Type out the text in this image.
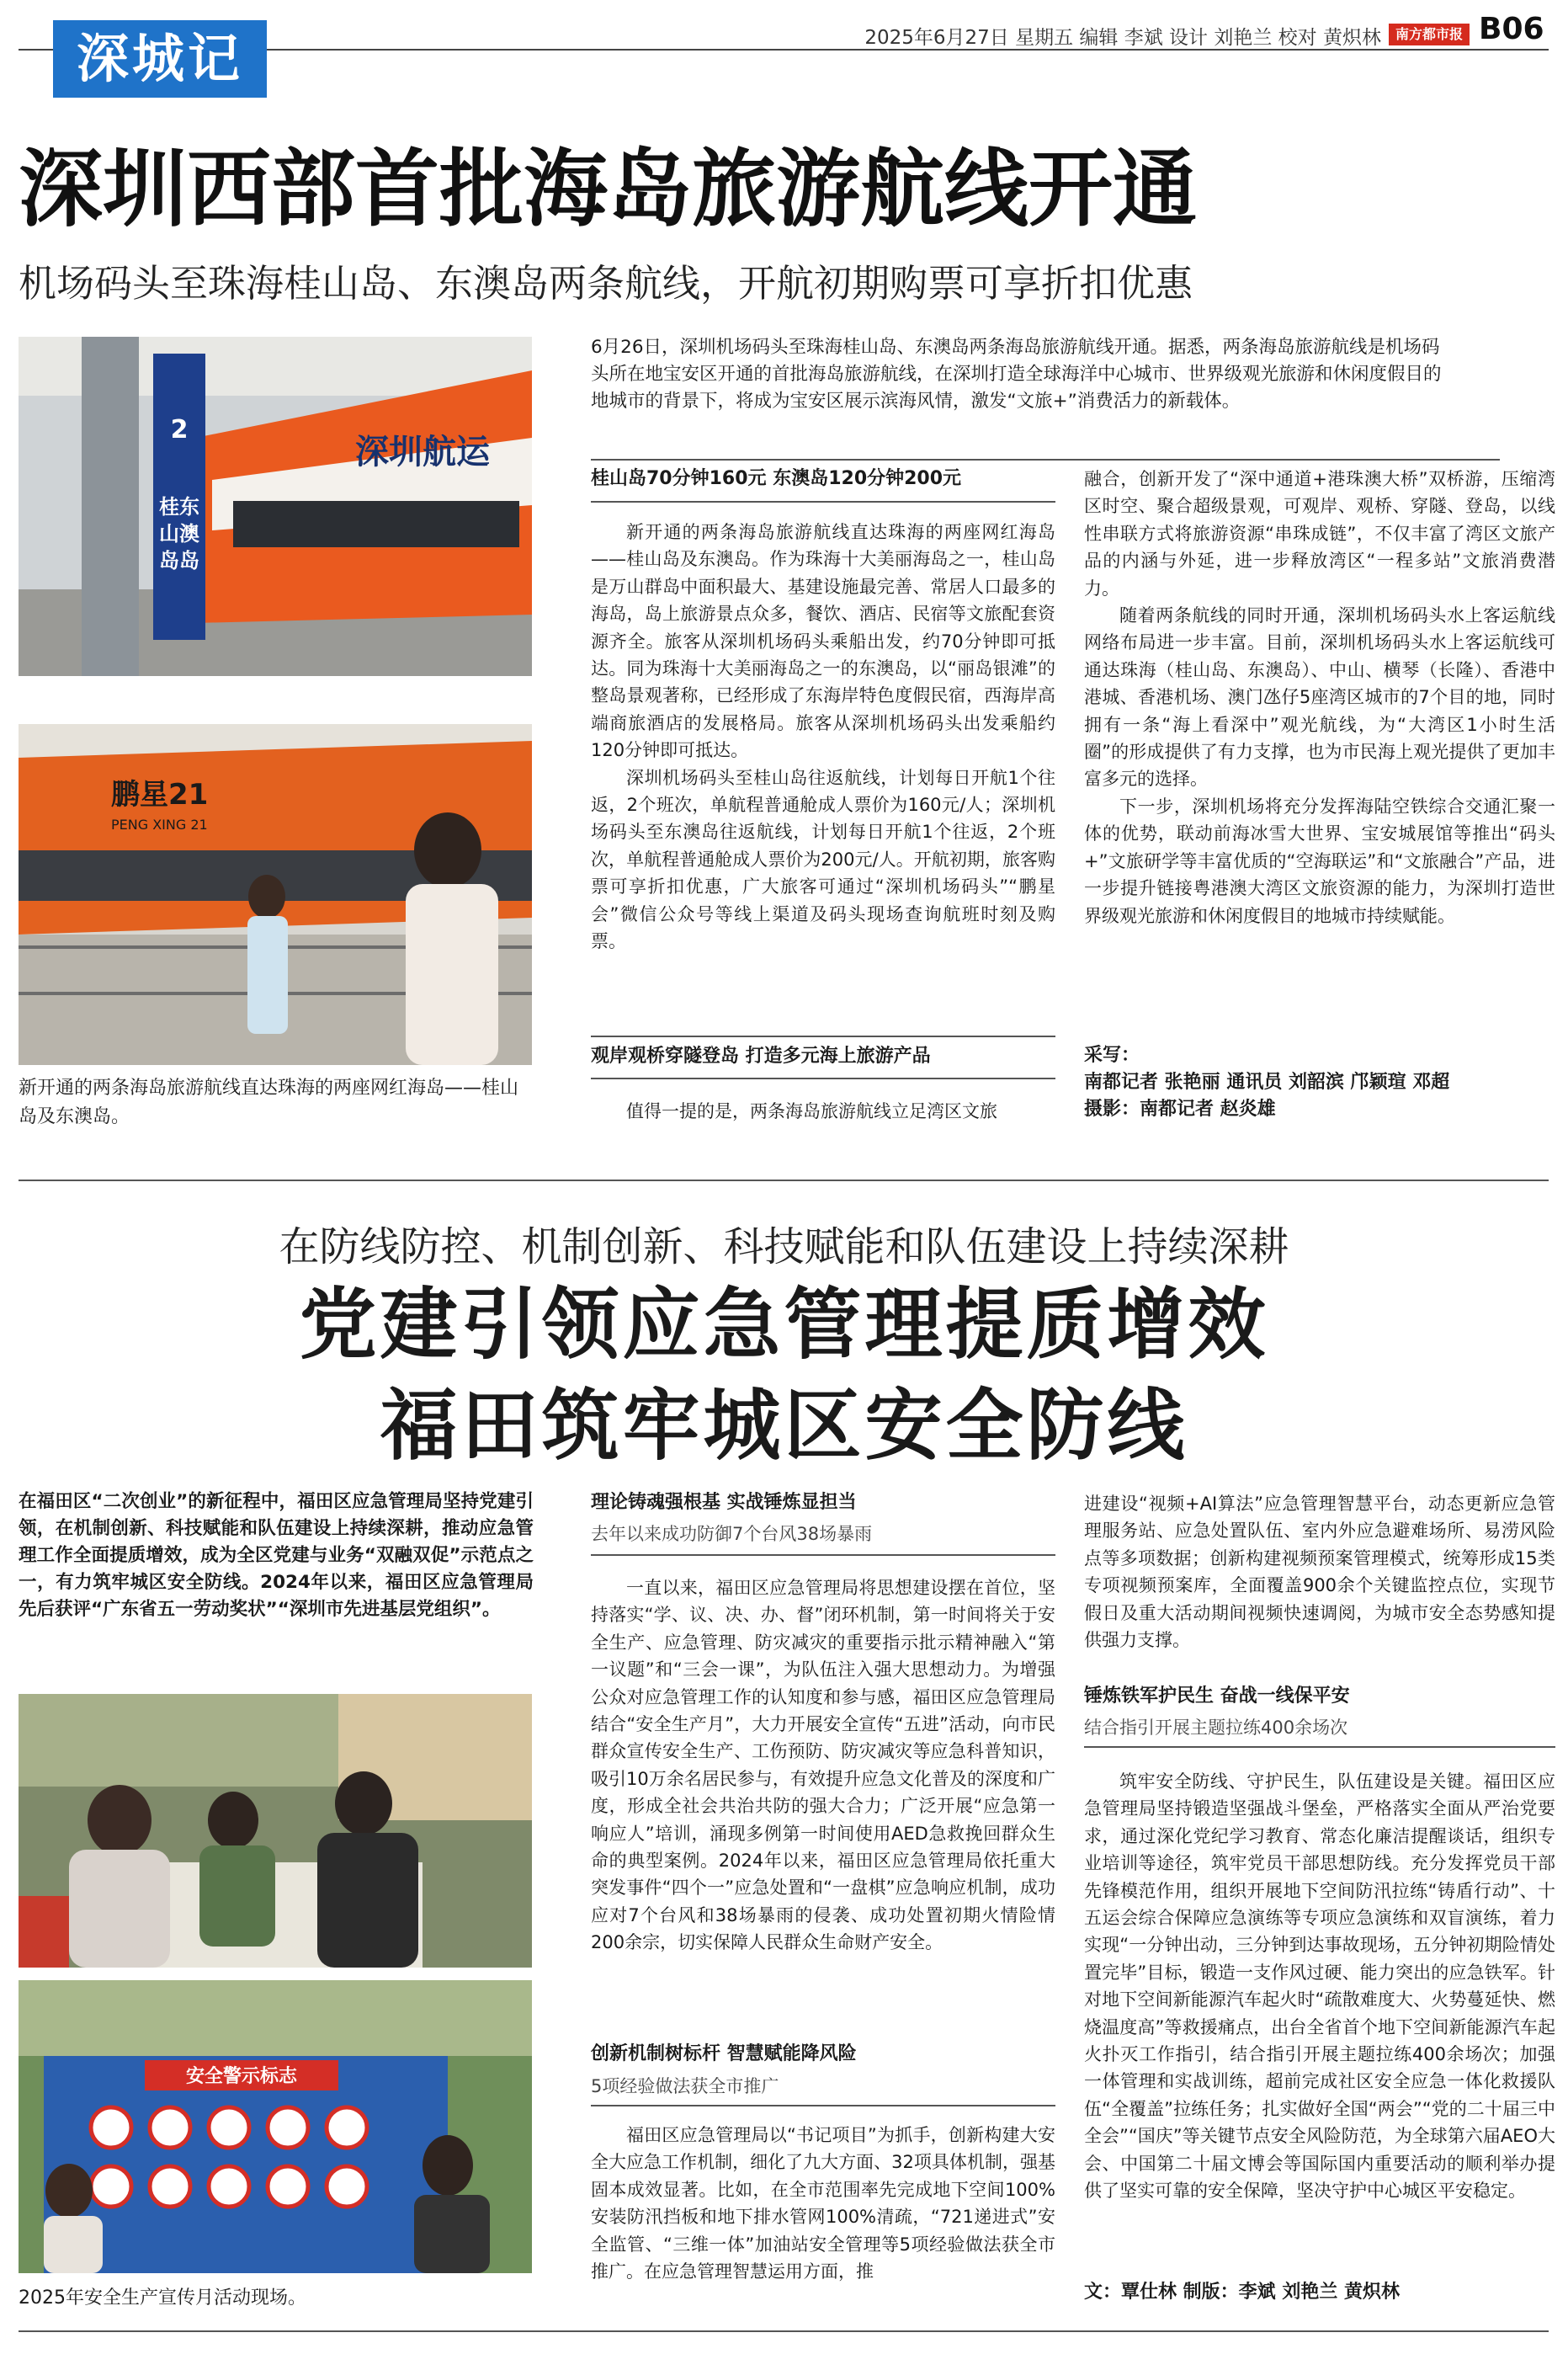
深城记	2025年6月27日 星期五 编辑 李斌 设计 刘艳兰 校对 黄炽林	南方都市报 B06
深圳西部首批海岛旅游航线开通
机场码头至珠海桂山岛、东澳岛两条航线，开航初期购票可享折扣优惠
深圳航运
2
桂东
山澳
岛岛
鹏星21
PENG XING 21
新开通的两条海岛旅游航线直达珠海的两座网红海岛——桂山岛及东澳岛。
6月26日，深圳机场码头至珠海桂山岛、东澳岛两条海岛旅游航线开通。据悉，两条海岛旅游航线是机场码头所在地宝安区开通的首批海岛旅游航线，在深圳打造全球海洋中心城市、世界级观光旅游和休闲度假目的地城市的背景下，将成为宝安区展示滨海风情，激发“文旅+”消费活力的新载体。
桂山岛70分钟160元 东澳岛120分钟200元

新开通的两条海岛旅游航线直达珠海的两座网红海岛——桂山岛及东澳岛。作为珠海十大美丽海岛之一，桂山岛是万山群岛中面积最大、基建设施最完善、常居人口最多的海岛，岛上旅游景点众多，餐饮、酒店、民宿等文旅配套资源齐全。旅客从深圳机场码头乘船出发，约70分钟即可抵达。同为珠海十大美丽海岛之一的东澳岛，以“丽岛银滩”的整岛景观著称，已经形成了东海岸特色度假民宿，西海岸高端商旅酒店的发展格局。旅客从深圳机场码头出发乘船约120分钟即可抵达。

深圳机场码头至桂山岛往返航线，计划每日开航1个往返，2个班次，单航程普通舱成人票价为160元/人；深圳机场码头至东澳岛往返航线，计划每日开航1个往返，2个班次，单航程普通舱成人票价为200元/人。开航初期，旅客购票可享折扣优惠，广大旅客可通过“深圳机场码头”“鹏星会”微信公众号等线上渠道及码头现场查询航班时刻及购票。

观岸观桥穿隧登岛 打造多元海上旅游产品

值得一提的是，两条海岛旅游航线立足湾区文旅

融合，创新开发了“深中通道+港珠澳大桥”双桥游，压缩湾区时空、聚合超级景观，可观岸、观桥、穿隧、登岛，以线性串联方式将旅游资源“串珠成链”，不仅丰富了湾区文旅产品的内涵与外延，进一步释放湾区“一程多站”文旅消费潜力。

随着两条航线的同时开通，深圳机场码头水上客运航线网络布局进一步丰富。目前，深圳机场码头水上客运航线可通达珠海（桂山岛、东澳岛）、中山、横琴（长隆）、香港中港城、香港机场、澳门氹仔5座湾区城市的7个目的地，同时拥有一条“海上看深中”观光航线，为“大湾区1小时生活圈”的形成提供了有力支撑，也为市民海上观光提供了更加丰富多元的选择。

下一步，深圳机场将充分发挥海陆空铁综合交通汇聚一体的优势，联动前海冰雪大世界、宝安城展馆等推出“码头+”文旅研学等丰富优质的“空海联运”和“文旅融合”产品，进一步提升链接粤港澳大湾区文旅资源的能力，为深圳打造世界级观光旅游和休闲度假目的地城市持续赋能。

采写：
南都记者 张艳丽 通讯员 刘韶滨 邝颖瑄 邓超
摄影：南都记者 赵炎雄
在防线防控、机制创新、科技赋能和队伍建设上持续深耕
党建引领应急管理提质增效
福田筑牢城区安全防线
在福田区“二次创业”的新征程中，福田区应急管理局坚持党建引领，在机制创新、科技赋能和队伍建设上持续深耕，推动应急管理工作全面提质增效，成为全区党建与业务“双融双促”示范点之一，有力筑牢城区安全防线。2024年以来，福田区应急管理局先后获评“广东省五一劳动奖状”“深圳市先进基层党组织”。
安全警示标志
2025年安全生产宣传月活动现场。
理论铸魂强根基 实战锤炼显担当
去年以来成功防御7个台风38场暴雨

一直以来，福田区应急管理局将思想建设摆在首位，坚持落实“学、议、决、办、督”闭环机制，第一时间将关于安全生产、应急管理、防灾减灾的重要指示批示精神融入“第一议题”和“三会一课”，为队伍注入强大思想动力。为增强公众对应急管理工作的认知度和参与感，福田区应急管理局结合“安全生产月”，大力开展安全宣传“五进”活动，向市民群众宣传安全生产、工伤预防、防灾减灾等应急科普知识，吸引10万余名居民参与，有效提升应急文化普及的深度和广度，形成全社会共治共防的强大合力；广泛开展“应急第一响应人”培训，涌现多例第一时间使用AED急救挽回群众生命的典型案例。2024年以来，福田区应急管理局依托重大突发事件“四个一”应急处置和“一盘棋”应急响应机制，成功应对7个台风和38场暴雨的侵袭、成功处置初期火情险情200余宗，切实保障人民群众生命财产安全。

创新机制树标杆 智慧赋能降风险
5项经验做法获全市推广

福田区应急管理局以“书记项目”为抓手，创新构建大安全大应急工作机制，细化了九大方面、32项具体机制，强基固本成效显著。比如，在全市范围率先完成地下空间100%安装防汛挡板和地下排水管网100%清疏，“721递进式”安全监管、“三维一体”加油站安全管理等5项经验做法获全市推广。在应急管理智慧运用方面，推

进建设“视频+AI算法”应急管理智慧平台，动态更新应急管理服务站、应急处置队伍、室内外应急避难场所、易涝风险点等多项数据；创新构建视频预案管理模式，统筹形成15类专项视频预案库，全面覆盖900余个关键监控点位，实现节假日及重大活动期间视频快速调阅，为城市安全态势感知提供强力支撑。

锤炼铁军护民生 奋战一线保平安
结合指引开展主题拉练400余场次

筑牢安全防线、守护民生，队伍建设是关键。福田区应急管理局坚持锻造坚强战斗堡垒，严格落实全面从严治党要求，通过深化党纪学习教育、常态化廉洁提醒谈话，组织专业培训等途径，筑牢党员干部思想防线。充分发挥党员干部先锋模范作用，组织开展地下空间防汛拉练“铸盾行动”、十五运会综合保障应急演练等专项应急演练和双盲演练，着力实现“一分钟出动，三分钟到达事故现场，五分钟初期险情处置完毕”目标，锻造一支作风过硬、能力突出的应急铁军。针对地下空间新能源汽车起火时“疏散难度大、火势蔓延快、燃烧温度高”等救援痛点，出台全省首个地下空间新能源汽车起火扑灭工作指引，结合指引开展主题拉练400余场次；加强一体管理和实战训练，超前完成社区安全应急一体化救援队伍“全覆盖”拉练任务；扎实做好全国“两会”“党的二十届三中全会”“国庆”等关键节点安全风险防范，为全球第六届AEO大会、中国第二十届文博会等国际国内重要活动的顺利举办提供了坚实可靠的安全保障，坚决守护中心城区平安稳定。

文：覃仕林 制版：李斌 刘艳兰 黄炽林
